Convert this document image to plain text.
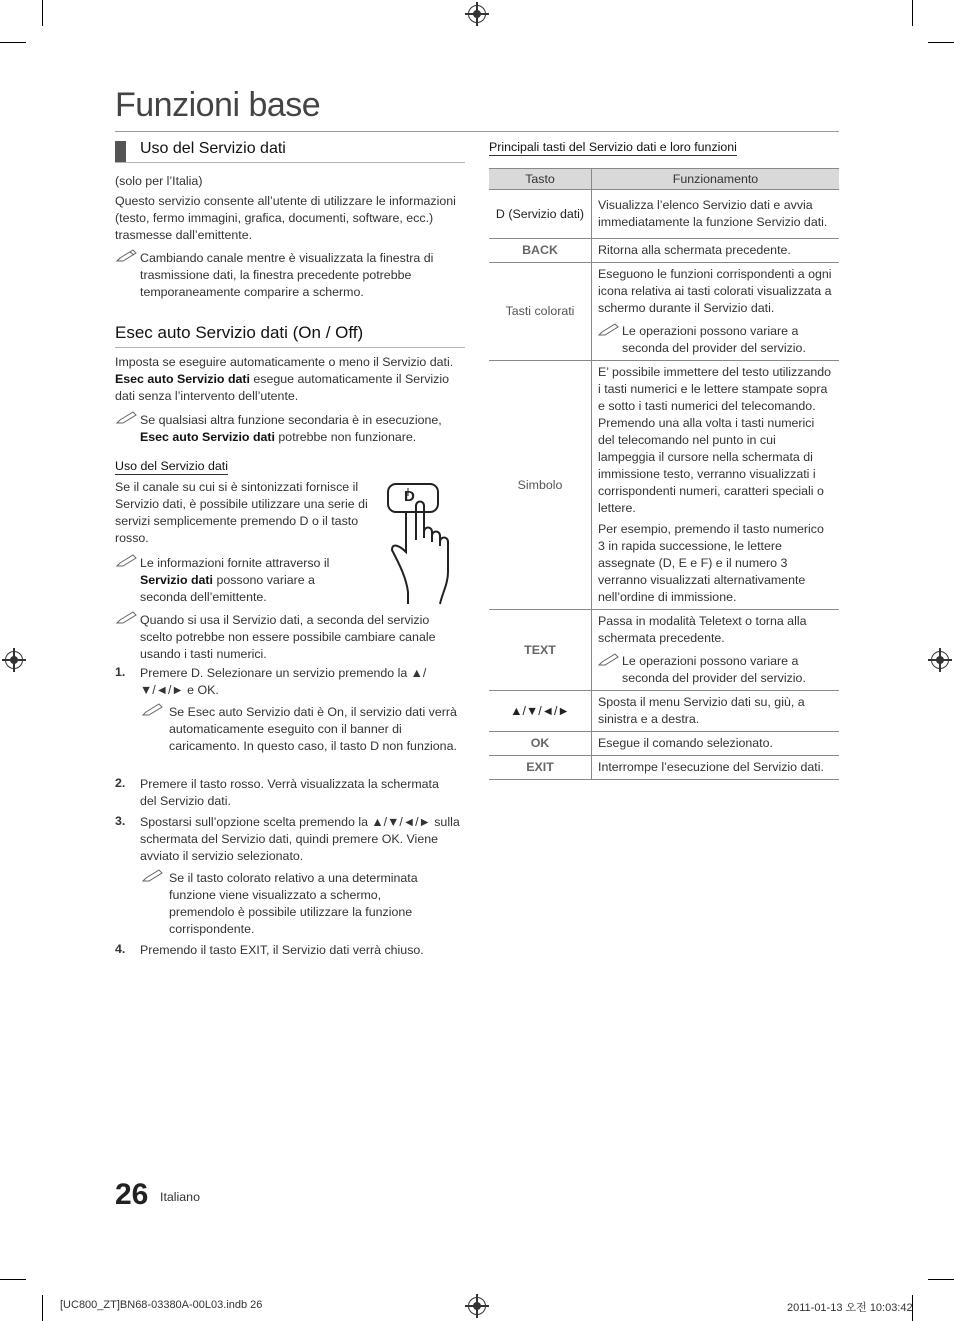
Funzioni base
Uso del Servizio dati
(solo per l’Italia)
Questo servizio consente all’utente di utilizzare le informazioni (testo, fermo immagini, grafica, documenti, software, ecc.) trasmesse dall’emittente.
Cambiando canale mentre è visualizzata la finestra di trasmissione dati, la finestra precedente potrebbe temporaneamente comparire a schermo.
Esec auto Servizio dati (On / Off)
Imposta se eseguire automaticamente o meno il Servizio dati. Esec auto Servizio dati esegue automaticamente il Servizio dati senza l’intervento dell’utente.
Se qualsiasi altra funzione secondaria è in esecuzione, Esec auto Servizio dati potrebbe non funzionare.
Uso del Servizio dati
Se il canale su cui si è sintonizzati fornisce il Servizio dati, è possibile utilizzare una serie di servizi semplicemente premendo D o il tasto rosso.
D
Le informazioni fornite attraverso il Servizio dati possono variare a seconda dell’emittente.
Quando si usa il Servizio dati, a seconda del servizio scelto potrebbe non essere possibile cambiare canale usando i tasti numerici.
1. Premere D. Selezionare un servizio premendo la ▲/▼/◄/► e OK.
Se Esec auto Servizio dati è On, il servizio dati verrà automaticamente eseguito con il banner di caricamento. In questo caso, il tasto D non funziona.
2. Premere il tasto rosso. Verrà visualizzata la schermata del Servizio dati.
3. Spostarsi sull’opzione scelta premendo la ▲/▼/◄/► sulla schermata del Servizio dati, quindi premere OK. Viene avviato il servizio selezionato.
Se il tasto colorato relativo a una determinata funzione viene visualizzato a schermo, premendolo è possibile utilizzare la funzione corrispondente.
4. Premendo il tasto EXIT, il Servizio dati verrà chiuso.
Principali tasti del Servizio dati e loro funzioni
Tasto	Funzionamento
D (Servizio dati)	Visualizza l’elenco Servizio dati e avvia immediatamente la funzione Servizio dati.
BACK	Ritorna alla schermata precedente.
Tasti colorati	Eseguono le funzioni corrispondenti a ogni icona relativa ai tasti colorati visualizzata a schermo durante il Servizio dati.
Le operazioni possono variare a seconda del provider del servizio.

Simbolo	E’ possibile immettere del testo utilizzando i tasti numerici e le lettere stampate sopra e sotto i tasti numerici del telecomando. Premendo una alla volta i tasti numerici del telecomando nel punto in cui lampeggia il cursore nella schermata di immissione testo, verranno visualizzati i corrispondenti numeri, caratteri speciali o lettere.
Per esempio, premendo il tasto numerico 3 in rapida successione, le lettere assegnate (D, E e F) e il numero 3 verranno visualizzati alternativamente nell’ordine di immissione.

TEXT	Passa in modalità Teletext o torna alla schermata precedente.
Le operazioni possono variare a seconda del provider del servizio.

▲/▼/◄/►	Sposta il menu Servizio dati su, giù, a sinistra e a destra.
OK	Esegue il comando selezionato.
EXIT	Interrompe l’esecuzione del Servizio dati.
26 Italiano
[UC800_ZT]BN68-03380A-00L03.indb 26	2011-01-13 오전 10:03:42
